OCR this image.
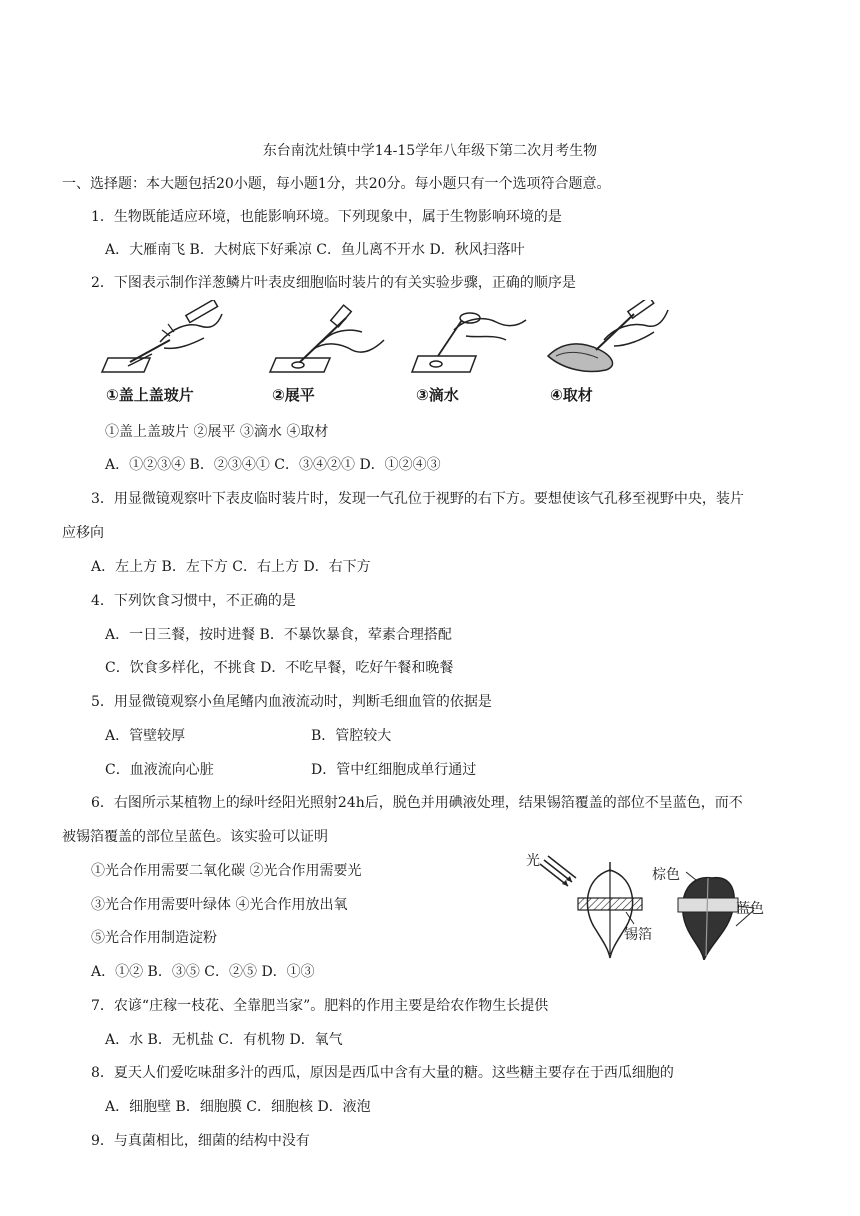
东台南沈灶镇中学14-15学年八年级下第二次月考生物
一、选择题：本大题包括20小题，每小题1分，共20分。每小题只有一个选项符合题意。
1．生物既能适应环境，也能影响环境。下列现象中，属于生物影响环境的是
A．大雁南飞 B．大树底下好乘凉 C．鱼儿离不开水 D．秋风扫落叶
2．下图表示制作洋葱鳞片叶表皮细胞临时装片的有关实验步骤，正确的顺序是
①盖上盖玻片	②展平	③滴水	④取材
①盖上盖玻片 ②展平 ③滴水 ④取材
A．①②③④ B．②③④① C．③④②① D．①②④③
3．用显微镜观察叶下表皮临时装片时，发现一气孔位于视野的右下方。要想使该气孔移至视野中央，装片
应移向
A．左上方 B．左下方 C．右上方 D．右下方
4．下列饮食习惯中，不正确的是
A．一日三餐，按时进餐 B．不暴饮暴食，荤素合理搭配
C．饮食多样化，不挑食 D．不吃早餐，吃好午餐和晚餐
5．用显微镜观察小鱼尾鳍内血液流动时，判断毛细血管的依据是
A．管壁较厚	B．管腔较大
C．血液流向心脏	D．管中红细胞成单行通过
6．右图所示某植物上的绿叶经阳光照射24h后，脱色并用碘液处理，结果锡箔覆盖的部位不呈蓝色，而不
被锡箔覆盖的部位呈蓝色。该实验可以证明
①光合作用需要二氧化碳 ②光合作用需要光
③光合作用需要叶绿体 ④光合作用放出氧
⑤光合作用制造淀粉
A．①② B．③⑤ C．②⑤ D．①③
光
锡箔
棕色
蓝色
7．农谚“庄稼一枝花、全靠肥当家”。肥料的作用主要是给农作物生长提供
A．水 B．无机盐 C．有机物 D．氧气
8．夏天人们爱吃味甜多汁的西瓜，原因是西瓜中含有大量的糖。这些糖主要存在于西瓜细胞的
A．细胞壁 B．细胞膜 C．细胞核 D．液泡
9．与真菌相比，细菌的结构中没有
